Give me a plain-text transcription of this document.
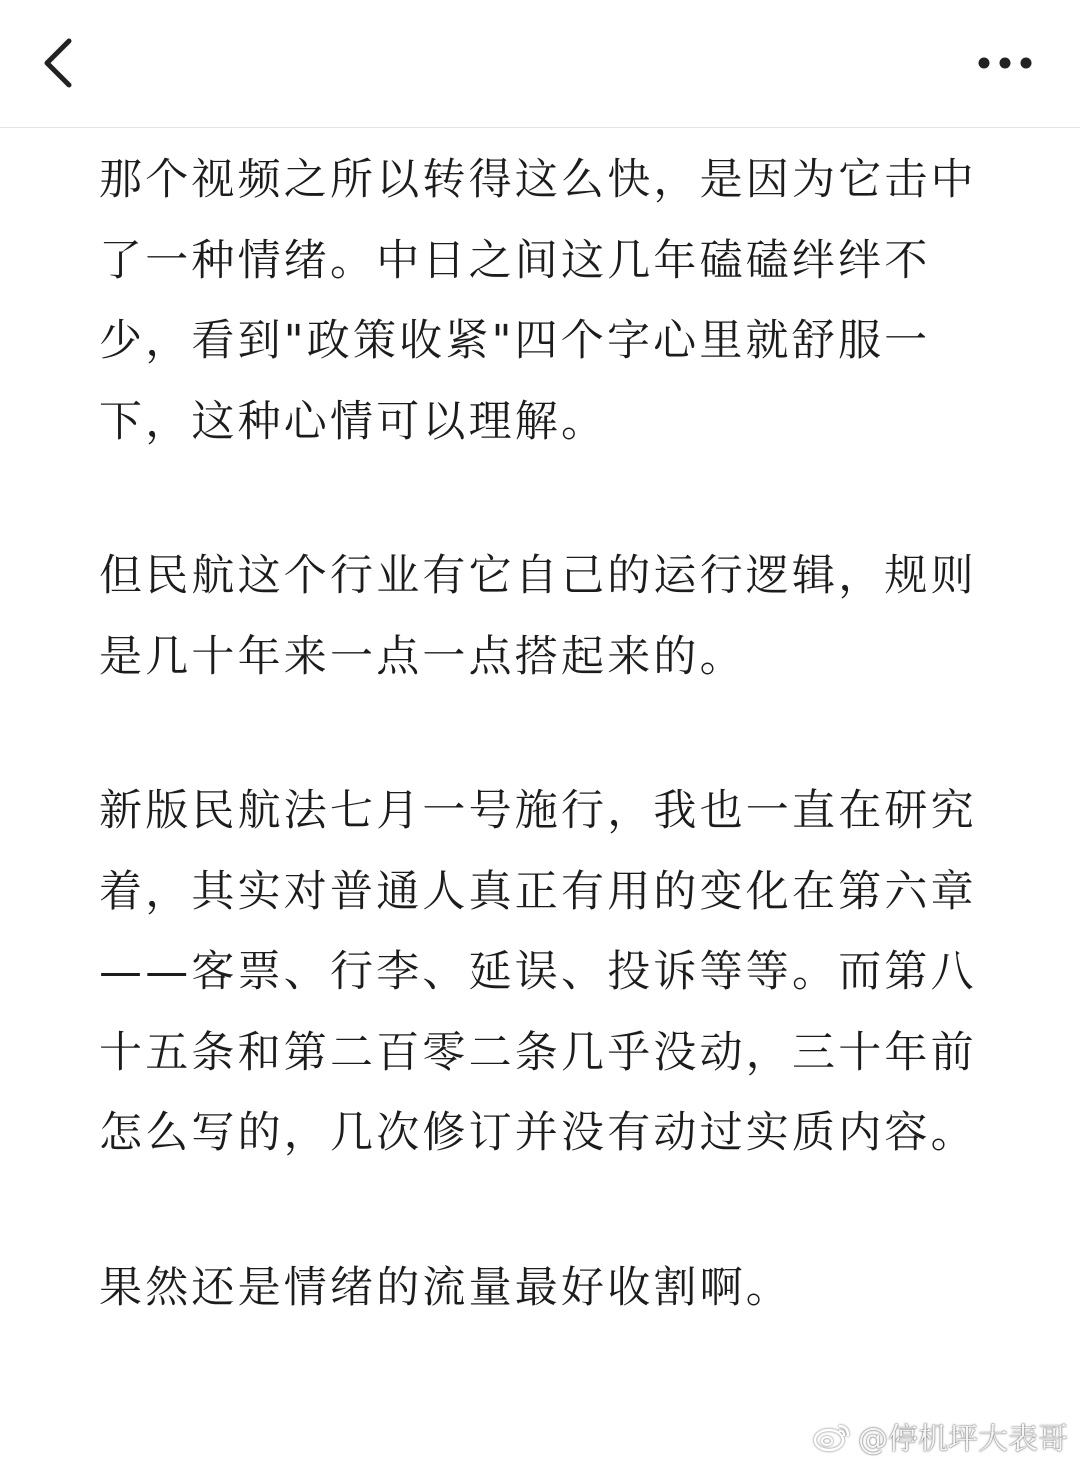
那个视频之所以转得这么快，是因为它击中了一种情绪。中日之间这几年磕磕绊绊不少，看到"政策收紧"四个字心里就舒服一下，这种心情可以理解。

但民航这个行业有它自己的运行逻辑，规则是几十年来一点一点搭起来的。

新版民航法七月一号施行，我也一直在研究着，其实对普通人真正有用的变化在第六章——客票、行李、延误、投诉等等。而第八十五条和第二百零二条几乎没动，三十年前怎么写的，几次修订并没有动过实质内容。

果然还是情绪的流量最好收割啊。

@停机坪大表哥
